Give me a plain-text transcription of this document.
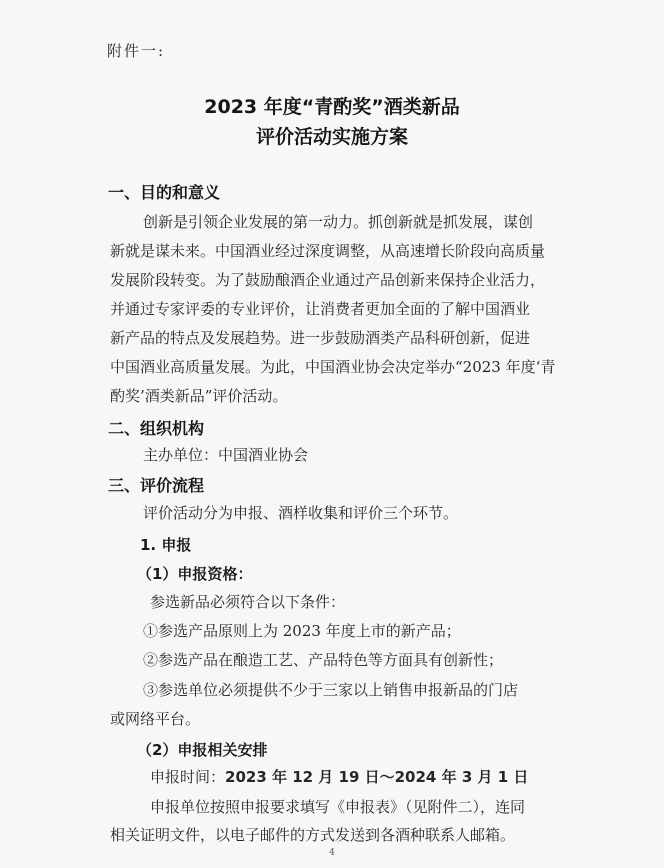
附件一:
2023 年度“青酌奖”酒类新品
评价活动实施方案
一、目的和意义
创新是引领企业发展的第一动力。抓创新就是抓发展，谋创
新就是谋未来。中国酒业经过深度调整，从高速增长阶段向高质量
发展阶段转变。为了鼓励酿酒企业通过产品创新来保持企业活力，
并通过专家评委的专业评价，让消费者更加全面的了解中国酒业
新产品的特点及发展趋势。进一步鼓励酒类产品科研创新，促进
中国酒业高质量发展。为此，中国酒业协会决定举办“2023 年度‘青
酌奖’酒类新品”评价活动。
二、组织机构
主办单位：中国酒业协会
三、评价流程
评价活动分为申报、酒样收集和评价三个环节。
1. 申报
（1）申报资格：
参选新品必须符合以下条件：
①参选产品原则上为 2023 年度上市的新产品；
②参选产品在酿造工艺、产品特色等方面具有创新性；
③参选单位必须提供不少于三家以上销售申报新品的门店
或网络平台。
（2）申报相关安排
申报时间：2023 年 12 月 19 日～2024 年 3 月 1 日
申报单位按照申报要求填写《申报表》（见附件二），连同
相关证明文件，以电子邮件的方式发送到各酒种联系人邮箱。
4
